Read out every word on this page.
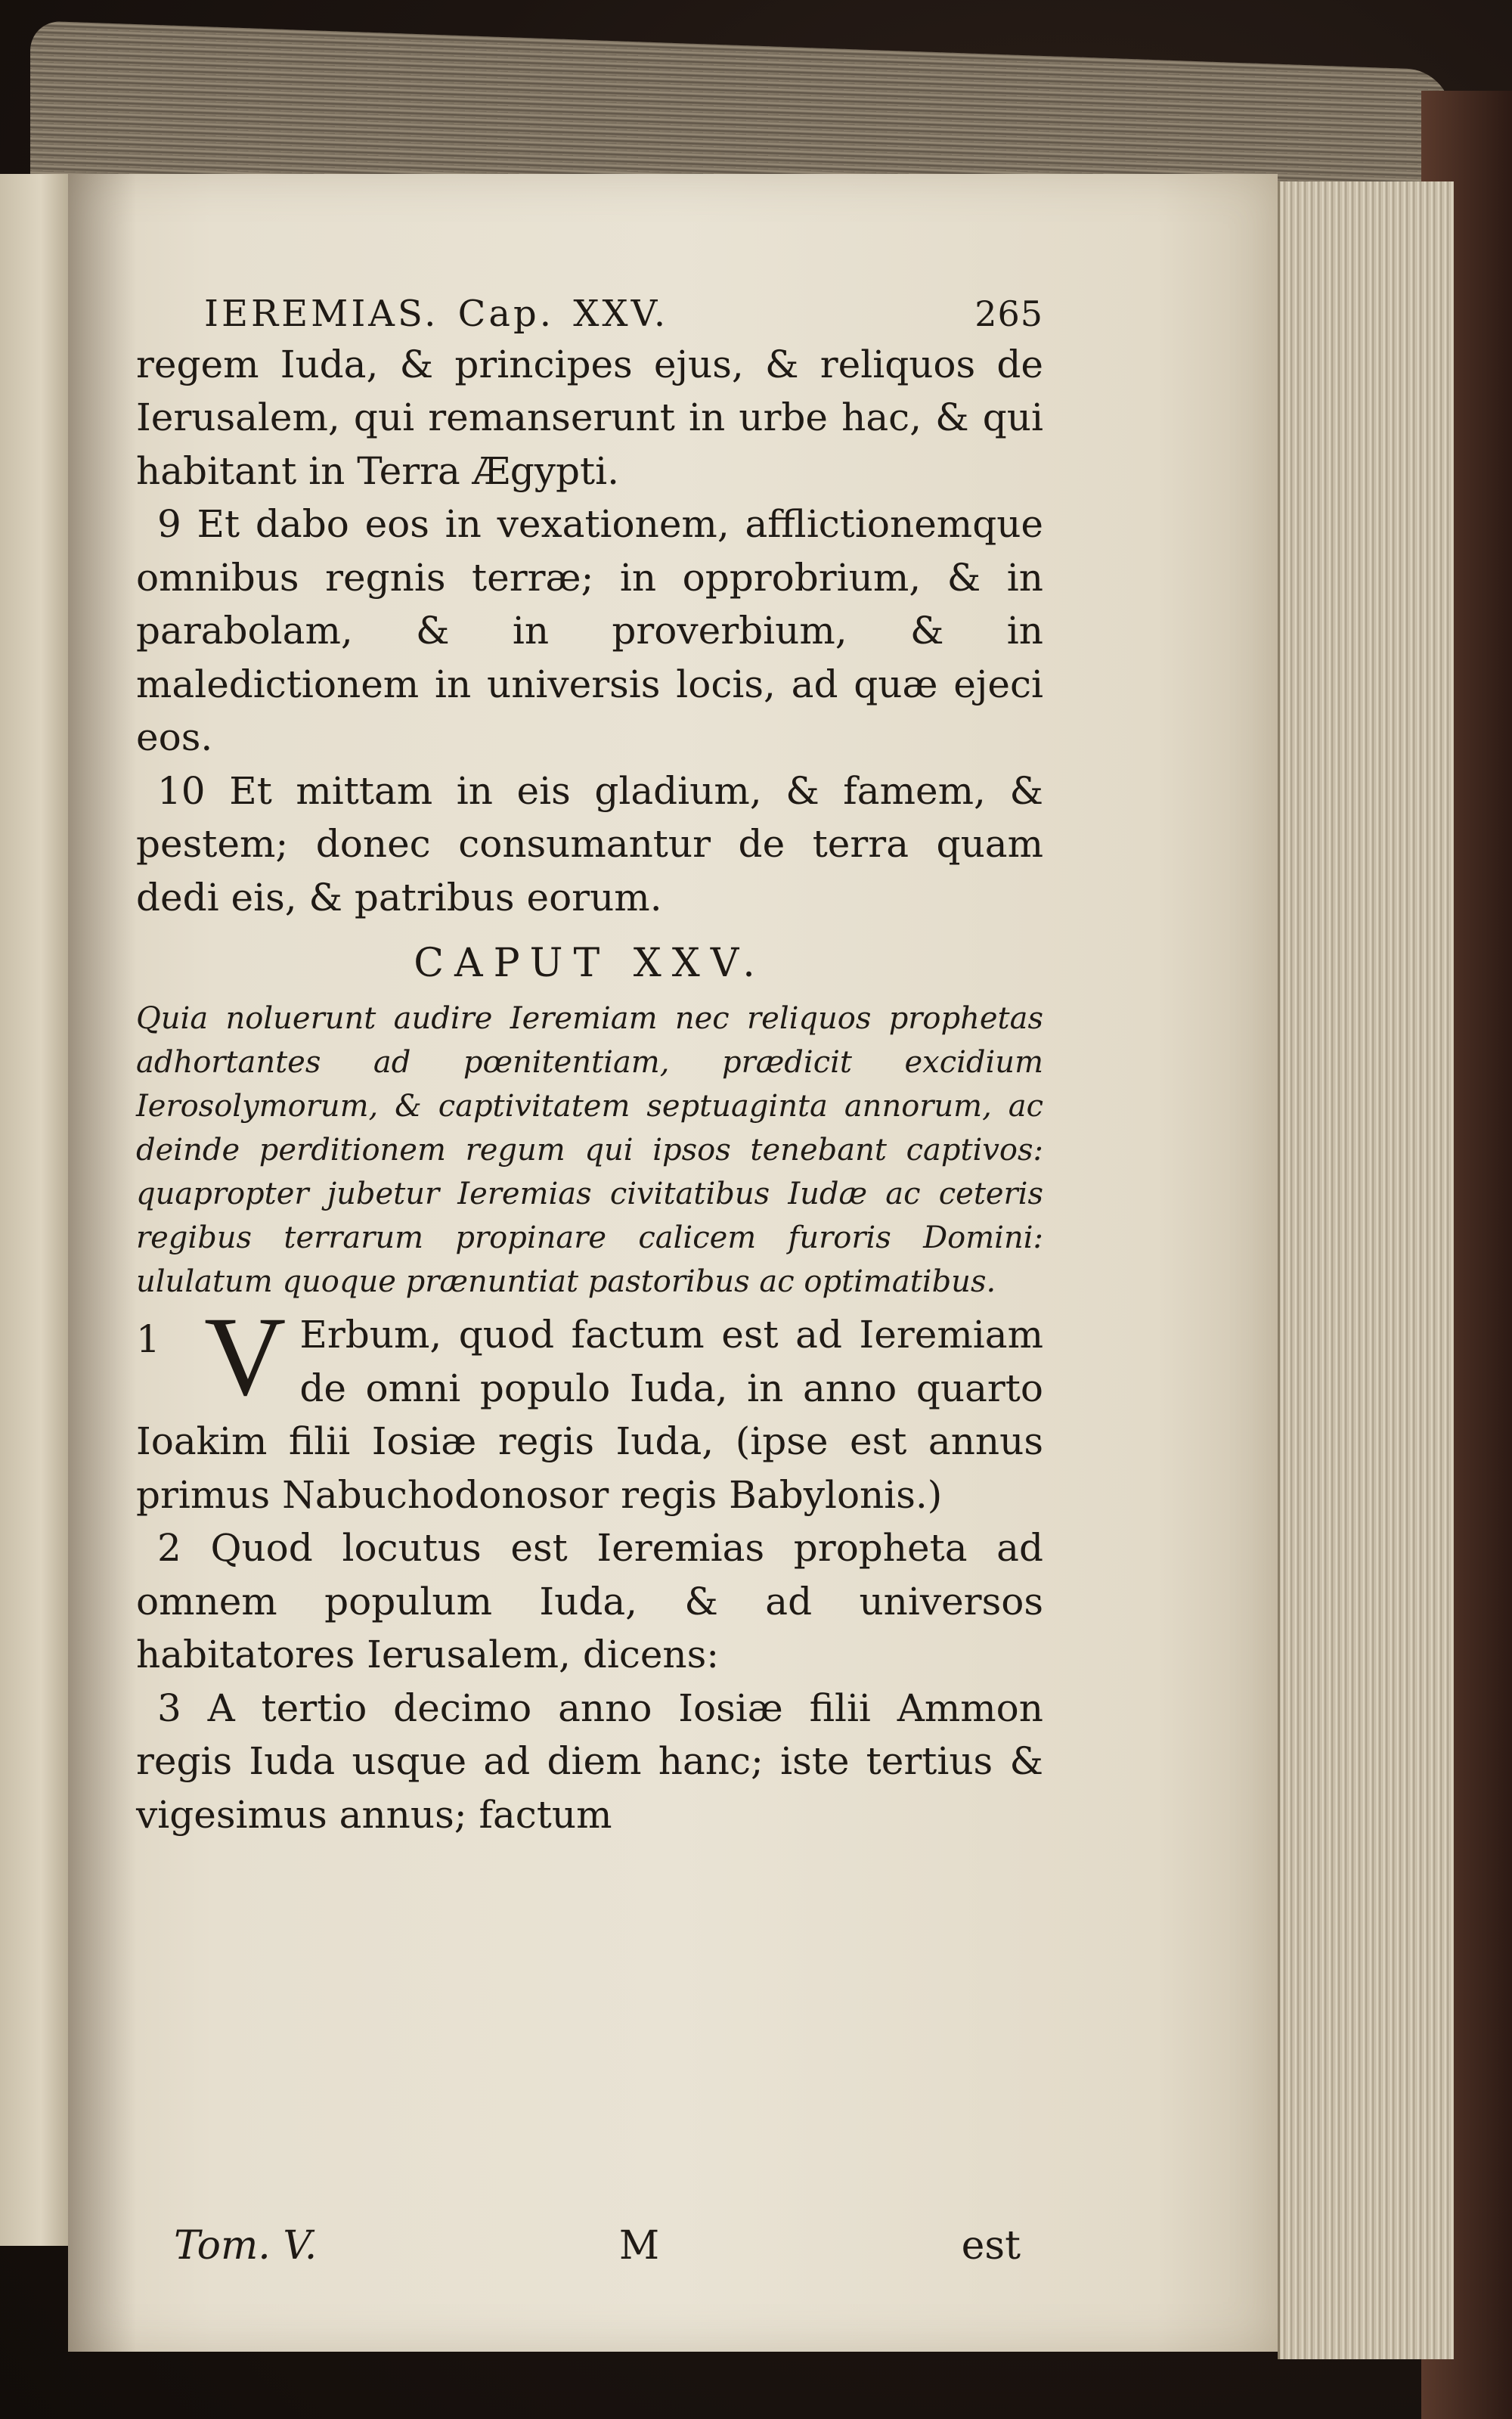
IEREMIAS. Cap. XXV.	265

regem Iuda, & principes ejus, & reliquos de Ierusalem, qui remanserunt in urbe hac, & qui habitant in Terra Ægypti.

9 Et dabo eos in vexationem, afflictionemque omnibus regnis terræ; in opprobrium, & in parabolam, & in proverbium, & in maledictionem in universis locis, ad quæ ejeci eos.

10 Et mittam in eis gladium, & famem, & pestem; donec consumantur de terra quam dedi eis, & patribus eorum.

CAPUT XXV.

Quia noluerunt audire Ieremiam nec reliquos prophetas adhortantes ad pœnitentiam, prædicit excidium Ierosolymorum, & captivitatem septuaginta annorum, ac deinde perditionem regum qui ipsos tenebant captivos: quapropter jubetur Ieremias civitatibus Iudæ ac ceteris regibus terrarum propinare calicem furoris Domini: ululatum quoque prænuntiat pastoribus ac optimatibus.

1 V Erbum, quod factum est ad Ieremiam de omni populo Iuda, in anno quarto Ioakim filii Iosiæ regis Iuda, (ipse est annus primus Nabuchodonosor regis Babylonis.)

2 Quod locutus est Ieremias propheta ad omnem populum Iuda, & ad universos habitatores Ierusalem, dicens:

3 A tertio decimo anno Iosiæ filii Ammon regis Iuda usque ad diem hanc; iste tertius & vigesimus annus; factum

Tom. V.	M	est
